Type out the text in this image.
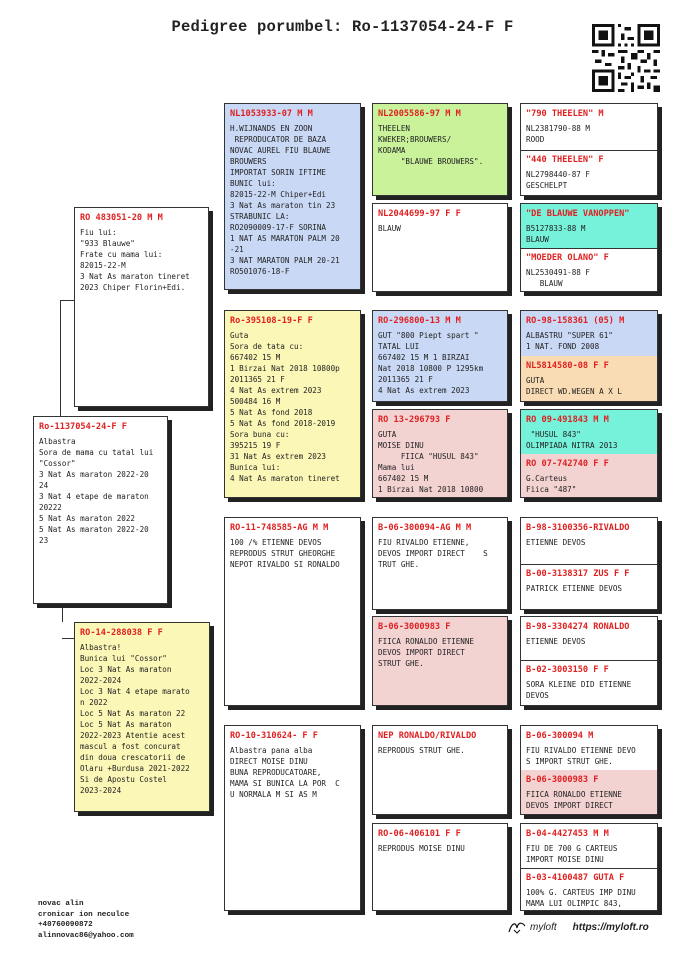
Pedigree porumbel: Ro-1137054-24-F F
Ro-1137054-24-F F
Albastra
Sora de mama cu tatal lui "Cossor"
3 Nat As maraton 2022-20
24
3 Nat 4 etape de maraton
20222
5 Nat As maraton 2022
5 Nat As maraton 2022-20
23
RO 483051-20 M M
Fiu lui:
"933 Blauwe"
Frate cu mama lui:
82015-22-M
3 Nat As maraton tineret
2023 Chiper Florin+Edi.
RO-14-288038 F F
Albastra!
Bunica lui "Cossor"
Loc 3 Nat As maraton
2022-2024
Loc 3 Nat 4 etape marato
n 2022
Loc 5 Nat As maraton 22
Loc 5 Nat As maraton
2022-2023 Atentie acest
mascul a fost concurat
din doua crescatorii de
Olaru +Burdusa 2021-2022
Si de Apostu Costel
2023-2024
NL1053933-07 M M
H.WIJNANDS EN ZOON
REPRODUCATOR DE BAZA
NOVAC AUREL FIU BLAUWE
BROUWERS
IMPORTAT SORIN IFTIME
BUNIC lui:
82015-22-M Chiper+Edi
3 Nat As maraton tin 23
STRABUNIC LA:
RO2090009-17-F SORINA
1 NAT AS MARATON PALM 20
-21
3 NAT MARATON PALM 20-21
RO501076-18-F
Ro-395108-19-F F
Guta
Sora de tata cu:
667402 15 M
1 Birzai Nat 2018 10800p
2011365 21 F
4 Nat As extrem 2023
500484 16 M
5 Nat As fond 2018
5 Nat As fond 2018-2019
Sora buna cu:
395215 19 F
31 Nat As extrem 2023
Bunica lui:
4 Nat As maraton tineret
RO-11-748585-AG M M
100 /% ETIENNE DEVOS
REPRODUS STRUT GHEORGHE
NEPOT RIVALDO SI RONALDO
RO-10-310624- F F
Albastra pana alba
DIRECT MOISE DINU
BUNA REPRODUCATOARE,
MAMA SI BUNICA LA POR  C
U NORMALA M SI AS M
NL2005586-97 M M
THEELEN
KWEKER;BROUWERS/
KODAMA
"BLAUWE BROUWERS".
NL2044699-97 F F
BLAUW
RO-296800-13 M M
GUT "800 Piept spart "
TATAL LUI
667402 15 M 1 BIRZAI
Nat 2018 10800 P 1295km
2011365 21 F
4 Nat As extrem 2023
RO 13-296793 F
GUTA
MOISE DINU
FIICA "HUSUL 843"
Mama lui
667402 15 M
1 Birzai Nat 2018 10800
B-06-300094-AG M M
FIU RIVALDO ETIENNE,
DEVOS IMPORT DIRECT    S
TRUT GHE.
B-06-3000983 F
FIICA RONALDO ETIENNE
DEVOS IMPORT DIRECT
STRUT GHE.
NEP RONALDO/RIVALDO
REPRODUS STRUT GHE.
RO-06-406101 F F
REPRODUS MOISE DINU
"790 THEELEN" M
NL2381790-88 M
ROOD
"440 THEELEN" F
NL2798440-87 F
GESCHELPT
"DE BLAUWE VANOPPEN"
B5127833-88 M
BLAUW
"MOEDER OLANO" F
NL2530491-88 F
BLAUW
RO-98-158361 (05) M
ALBASTRU "SUPER 61"
1 NAT. FOND 2008
NL5814580-08 F F
GUTA
DIRECT WD.WEGEN A X L
RO 09-491843 M M
"HUSUL 843"
OLIMPIADA NITRA 2013
RO 07-742740 F F
G.Carteus
Fiica "487"
B-98-3100356-RIVALDO
ETIENNE DEVOS
B-00-3138317 ZUS F F
PATRICK ETIENNE DEVOS
B-98-3304274 RONALDO
ETIENNE DEVOS
B-02-3003150 F F
SORA KLEINE DID ETIENNE
DEVOS
B-06-300094 M
FIU RIVALDO ETIENNE DEVO
S IMPORT STRUT GHE.
B-06-3000983 F
FIICA RONALDO ETIENNE
DEVOS IMPORT DIRECT
B-04-4427453 M M
FIU DE 700 G CARTEUS
IMPORT MOISE DINU
B-03-4100487 GUTA F
100% G. CARTEUS IMP DINU
MAMA LUI OLIMPIC 843,
novac alin
cronicar ion neculce
+40760090872
alinnovac86@yahoo.com
myloft https://myloft.ro
